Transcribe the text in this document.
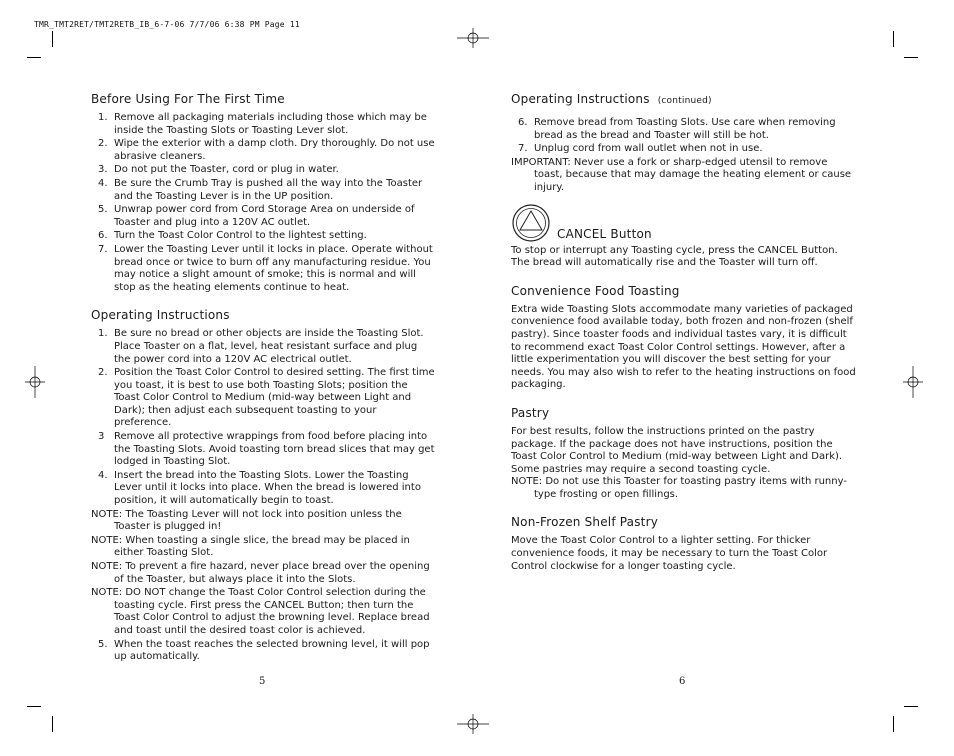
TMR_TMT2RET/TMT2RETB_IB_6-7-06 7/7/06 6:38 PM Page 11
Before Using For The First Time
1. Remove all packaging materials including those which may be inside the Toasting Slots or Toasting Lever slot.
2. Wipe the exterior with a damp cloth. Dry thoroughly. Do not use abrasive cleaners.
3. Do not put the Toaster, cord or plug in water.
4. Be sure the Crumb Tray is pushed all the way into the Toaster and the Toasting Lever is in the UP position.
5. Unwrap power cord from Cord Storage Area on underside of Toaster and plug into a 120V AC outlet.
6. Turn the Toast Color Control to the lightest setting.
7. Lower the Toasting Lever until it locks in place. Operate without bread once or twice to burn off any manufacturing residue. You may notice a slight amount of smoke; this is normal and will stop as the heating elements continue to heat.
Operating Instructions
1. Be sure no bread or other objects are inside the Toasting Slot. Place Toaster on a flat, level, heat resistant surface and plug the power cord into a 120V AC electrical outlet.
2. Position the Toast Color Control to desired setting. The first time you toast, it is best to use both Toasting Slots; position the Toast Color Control to Medium (mid-way between Light and Dark); then adjust each subsequent toasting to your preference.
3 Remove all protective wrappings from food before placing into the Toasting Slots. Avoid toasting torn bread slices that may get lodged in Toasting Slot.
4. Insert the bread into the Toasting Slots. Lower the Toasting Lever until it locks into place. When the bread is lowered into position, it will automatically begin to toast.
NOTE: The Toasting Lever will not lock into position unless the Toaster is plugged in!
NOTE: When toasting a single slice, the bread may be placed in either Toasting Slot.
NOTE: To prevent a fire hazard, never place bread over the opening of the Toaster, but always place it into the Slots.
NOTE: DO NOT change the Toast Color Control selection during the toasting cycle. First press the CANCEL Button; then turn the Toast Color Control to adjust the browning level. Replace bread and toast until the desired toast color is achieved.
5. When the toast reaches the selected browning level, it will pop up automatically.
5
Operating Instructions (continued)
6. Remove bread from Toasting Slots. Use care when removing bread as the bread and Toaster will still be hot.
7. Unplug cord from wall outlet when not in use.
IMPORTANT: Never use a fork or sharp-edged utensil to remove toast, because that may damage the heating element or cause injury.
CANCEL Button

To stop or interrupt any Toasting cycle, press the CANCEL Button. The bread will automatically rise and the Toaster will turn off.

Convenience Food Toasting

Extra wide Toasting Slots accommodate many varieties of packaged convenience food available today, both frozen and non-frozen (shelf pastry). Since toaster foods and individual tastes vary, it is difficult to recommend exact Toast Color Control settings. However, after a little experimentation you will discover the best setting for your needs. You may also wish to refer to the heating instructions on food packaging.

Pastry

For best results, follow the instructions printed on the pastry package. If the package does not have instructions, position the Toast Color Control to Medium (mid-way between Light and Dark). Some pastries may require a second toasting cycle.

NOTE: Do not use this Toaster for toasting pastry items with runny-type frosting or open fillings.
Non-Frozen Shelf Pastry

Move the Toast Color Control to a lighter setting. For thicker convenience foods, it may be necessary to turn the Toast Color Control clockwise for a longer toasting cycle.

6
